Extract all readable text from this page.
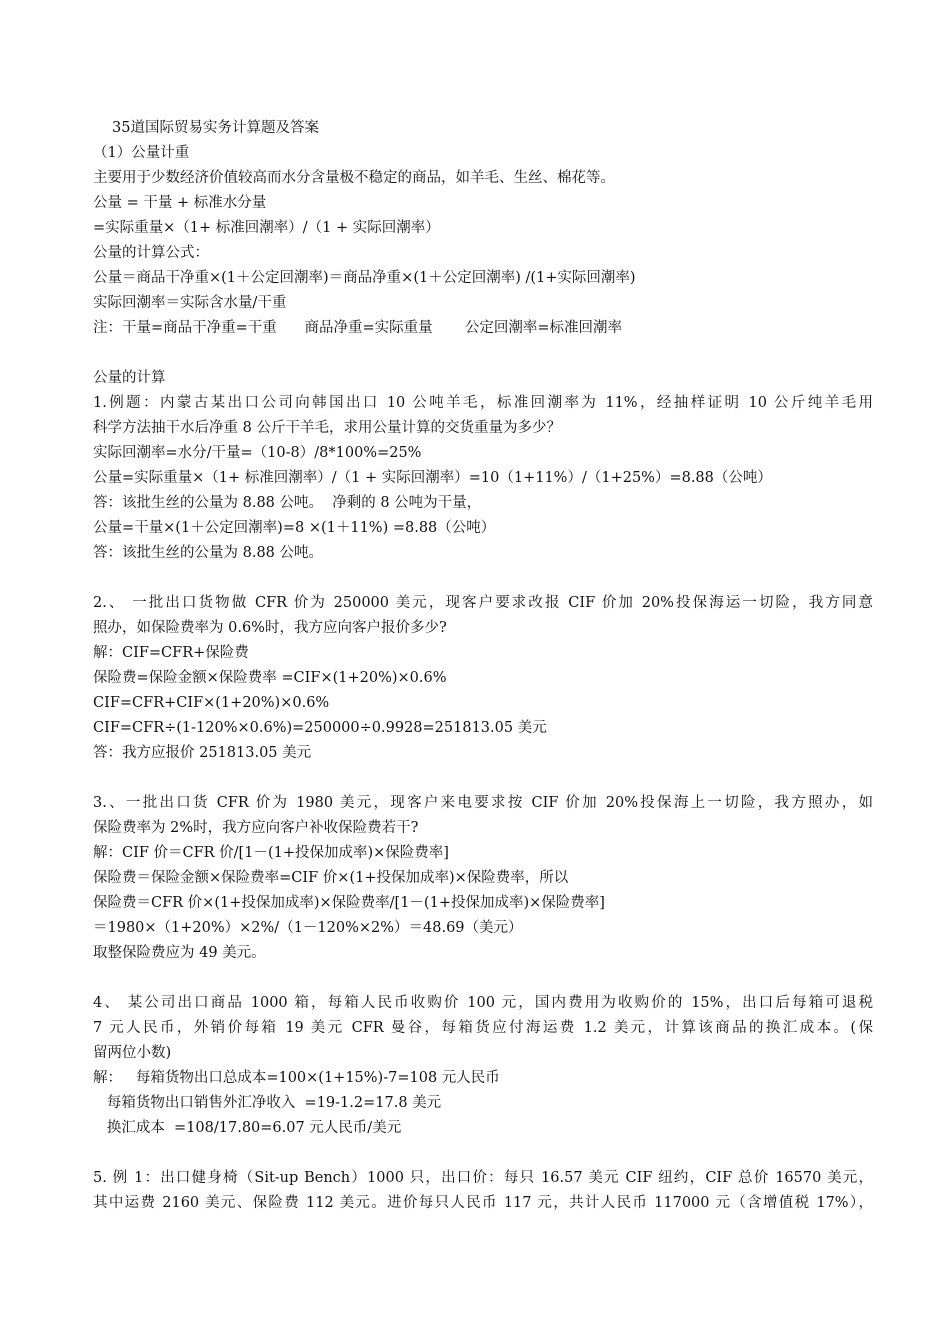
35道国际贸易实务计算题及答案
（1）公量计重
主要用于少数经济价值较高而水分含量极不稳定的商品，如羊毛、生丝、棉花等。
公量 = 干量 + 标准水分量
=实际重量×（1+ 标准回潮率）/（1 + 实际回潮率）
公量的计算公式：
公量＝商品干净重×(1＋公定回潮率)＝商品净重×(1＋公定回潮率) /(1+实际回潮率)
实际回潮率＝实际含水量/干重
注：干量=商品干净重=干重      商品净重=实际重量       公定回潮率=标准回潮率
公量的计算
1.例题：内蒙古某出口公司向韩国出口 10 公吨羊毛，标准回潮率为 11%，经抽样证明 10 公斤纯羊毛用
科学方法抽干水后净重 8 公斤干羊毛，求用公量计算的交货重量为多少？
实际回潮率=水分/干量=（10-8）/8*100%=25%
公量=实际重量×（1+ 标准回潮率）/（1 + 实际回潮率）=10（1+11%）/（1+25%）=8.88（公吨）
答：该批生丝的公量为 8.88 公吨。  净剩的 8 公吨为干量，
公量=干量×(1＋公定回潮率)=8 ×(1＋11%) =8.88（公吨）
答：该批生丝的公量为 8.88 公吨。
2.、 一批出口货物做 CFR 价为 250000 美元，现客户要求改报 CIF 价加 20%投保海运一切险，我方同意
照办，如保险费率为 0.6%时，我方应向客户报价多少?
解：CIF=CFR+保险费
保险费=保险金额×保险费率 =CIF×(1+20%)×0.6%
CIF=CFR+CIF×(1+20%)×0.6%
CIF=CFR÷(1-120%×0.6%)=250000÷0.9928=251813.05 美元
答：我方应报价 251813.05 美元
3.、一批出口货 CFR 价为 1980 美元，现客户来电要求按 CIF 价加 20%投保海上一切险，我方照办，如
保险费率为 2%时，我方应向客户补收保险费若干?
解：CIF 价＝CFR 价/[1－(1+投保加成率)×保险费率]
保险费＝保险金额×保险费率=CIF 价×(1+投保加成率)×保险费率，所以
保险费＝CFR 价×(1+投保加成率)×保险费率/[1－(1+投保加成率)×保险费率]
＝1980×（1+20%）×2%/（1－120%×2%）＝48.69（美元）
取整保险费应为 49 美元。
4、 某公司出口商品 1000 箱，每箱人民币收购价 100 元，国内费用为收购价的 15%，出口后每箱可退税
7 元人民币，外销价每箱 19 美元 CFR 曼谷，每箱货应付海运费 1.2 美元，计算该商品的换汇成本。(保
留两位小数)
解：   每箱货物出口总成本=100×(1+15%)-7=108 元人民币
每箱货物出口销售外汇净收入  =19-1.2=17.8 美元
换汇成本  =108/17.80=6.07 元人民币/美元
5. 例 1：出口健身椅（Sit-up Bench）1000 只，出口价：每只 16.57 美元 CIF 纽约，CIF 总价 16570 美元，
其中运费 2160 美元、保险费 112 美元。进价每只人民币 117 元，共计人民币 117000 元（含增值税 17%），
